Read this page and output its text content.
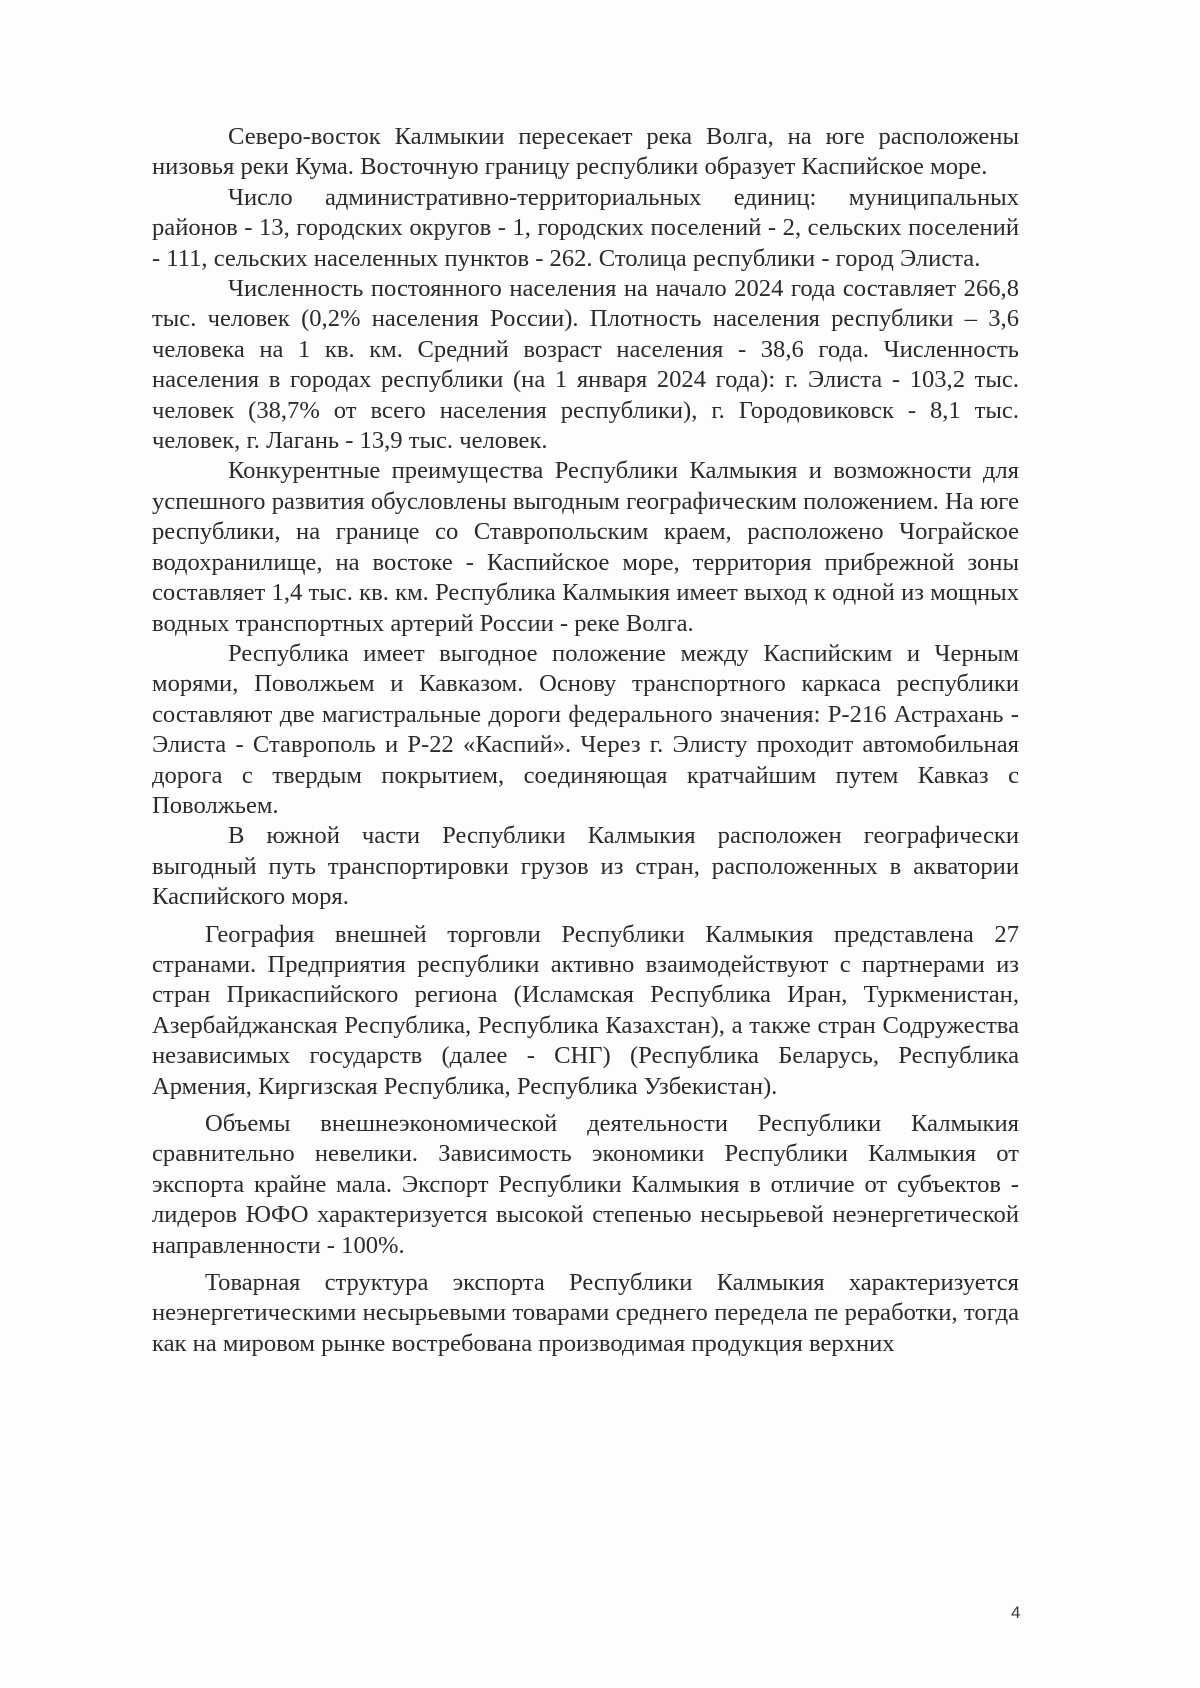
Северо-восток Калмыкии пересекает река Волга, на юге расположены низовья реки Кума. Восточную границу республики образует Каспийское море.

Число административно-территориальных единиц: муниципальных районов - 13, городских округов - 1, городских поселений - 2, сельских поселений - 111, сельских населенных пунктов - 262. Столица республики - город Элиста.

Численность постоянного населения на начало 2024 года составляет 266,8 тыс. человек (0,2% населения России). Плотность населения республики – 3,6 человека на 1 кв. км. Средний возраст населения - 38,6 года. Численность населения в городах республики (на 1 января 2024 года): г. Элиста - 103,2 тыс. человек (38,7% от всего населения республики), г. Городовиковск - 8,1 тыс. человек, г. Лагань - 13,9 тыс. человек.

Конкурентные преимущества Республики Калмыкия и возможности для успешного развития обусловлены выгодным географическим положением. На юге республики, на границе со Ставропольским краем, расположено Чограйское водохранилище, на востоке - Каспийское море, территория прибрежной зоны составляет 1,4 тыс. кв. км. Республика Калмыкия имеет выход к одной из мощных водных транспортных артерий России - реке Волга.

Республика имеет выгодное положение между Каспийским и Черным морями, Поволжьем и Кавказом. Основу транспортного каркаса республики составляют две магистральные дороги федерального значения: Р-216 Астрахань - Элиста - Ставрополь и Р-22 «Каспий». Через г. Элисту проходит автомобильная дорога с твердым покрытием, соединяющая кратчайшим путем Кавказ с Поволжьем.

В южной части Республики Калмыкия расположен географически выгодный путь транспортировки грузов из стран, расположенных в акватории Каспийского моря.

География внешней торговли Республики Калмыкия представлена 27 странами. Предприятия республики активно взаимодействуют с партнерами из стран Прикаспийского региона (Исламская Республика Иран, Туркменистан, Азербайджанская Республика, Республика Казахстан), а также стран Содружества независимых государств (далее - СНГ) (Республика Беларусь, Республика Армения, Киргизская Республика, Республика Узбекистан).

Объемы внешнеэкономической деятельности Республики Калмыкия сравнительно невелики. Зависимость экономики Республики Калмыкия от экспорта крайне мала. Экспорт Республики Калмыкия в отличие от субъектов - лидеров ЮФО характеризуется высокой степенью несырьевой неэнергетической направленности - 100%.

Товарная структура экспорта Республики Калмыкия характеризуется неэнергетическими несырьевыми товарами среднего передела пе реработки, тогда как на мировом рынке востребована производимая продукция верхних

4
